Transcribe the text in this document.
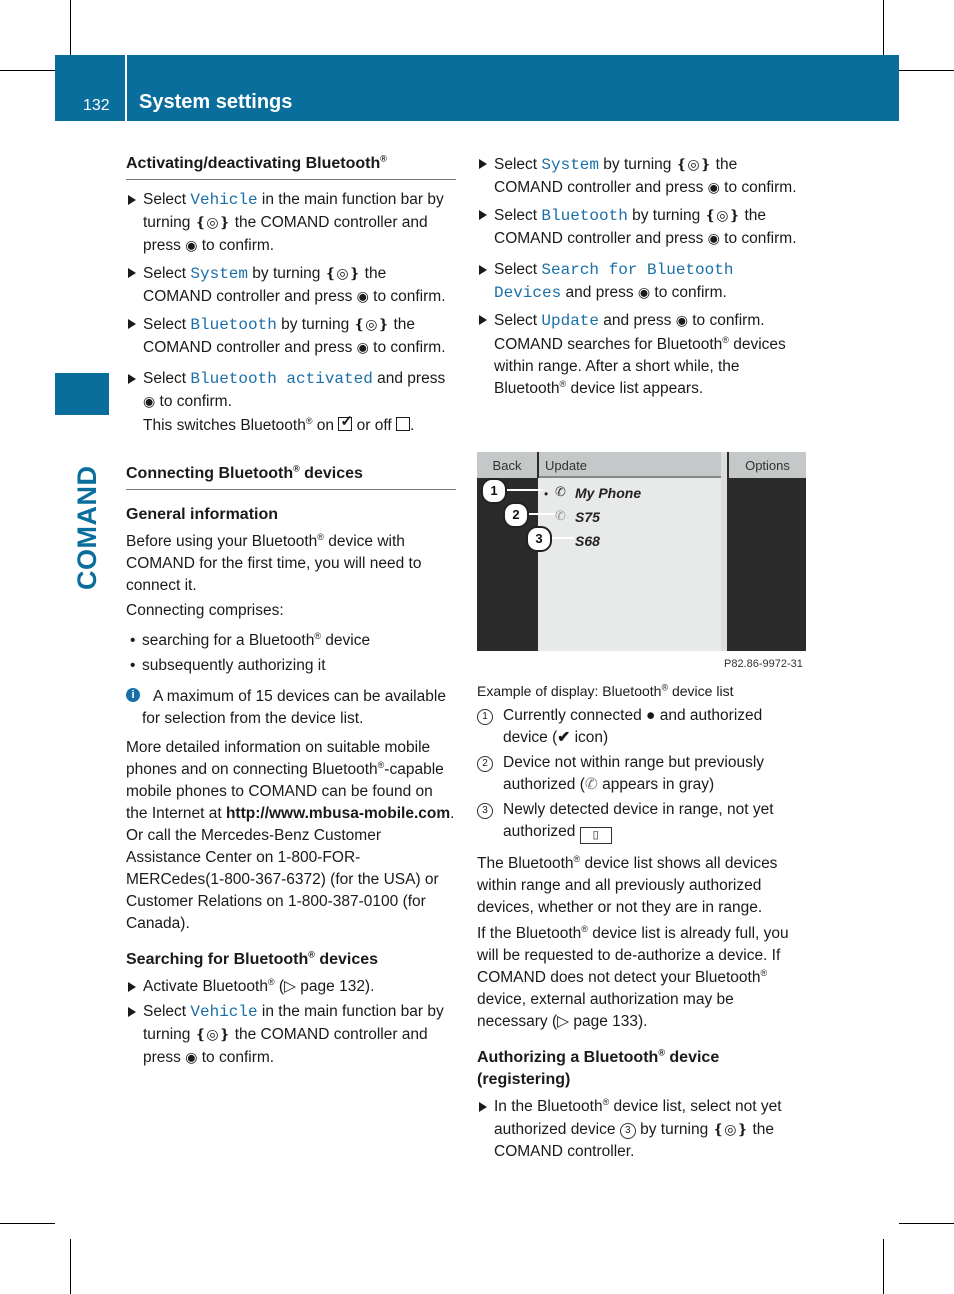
132 System settings
COMAND

Activating/deactivating Bluetooth®

Select Vehicle in the main function bar by turning ❴◎❵ the COMAND controller and press ◉ to confirm.

Select System by turning ❴◎❵ the COMAND controller and press ◉ to confirm.

Select Bluetooth by turning ❴◎❵ the COMAND controller and press ◉ to confirm.

Select Bluetooth activated and press ◉ to confirm.

This switches Bluetooth® on ✓ or off .

Connecting Bluetooth® devices

General information

Before using your Bluetooth® device with COMAND for the first time, you will need to connect it.

Connecting comprises:

• searching for a Bluetooth® device

• subsequently authorizing it

i	A maximum of 15 devices can be available for selection from the device list.

More detailed information on suitable mobile phones and on connecting Bluetooth®-capable mobile phones to COMAND can be found on the Internet at http://www.mbusa-mobile.com. Or call the Mercedes-Benz Customer Assistance Center on 1-800-FOR-MERCedes(1-800-367-6372) (for the USA) or Customer Relations on 1-800-387-0100 (for Canada).

Searching for Bluetooth® devices

Activate Bluetooth® (▷ page 132).

Select Vehicle in the main function bar by turning ❴◎❵ the COMAND controller and press ◉ to confirm.

Select System by turning ❴◎❵ the COMAND controller and press ◉ to confirm.

Select Bluetooth by turning ❴◎❵ the COMAND controller and press ◉ to confirm.

Select Search for Bluetooth Devices and press ◉ to confirm.

Select Update and press ◉ to confirm.

COMAND searches for Bluetooth® devices within range. After a short while, the Bluetooth® device list appears.

Back	Update	Options
• ✆ My Phone
✆ S75
S68
1
2
3
P82.86-9972-31

Example of display: Bluetooth® device list

1 Currently connected ● and authorized device (✔ icon)

2 Device not within range but previously authorized (✆ appears in gray)

3 Newly detected device in range, not yet authorized ▯

The Bluetooth® device list shows all devices within range and all previously authorized devices, whether or not they are in range.

If the Bluetooth® device list is already full, you will be requested to de-authorize a device. If COMAND does not detect your Bluetooth® device, external authorization may be necessary (▷ page 133).

Authorizing a Bluetooth® device (registering)

In the Bluetooth® device list, select not yet authorized device 3 by turning ❴◎❵ the COMAND controller.
